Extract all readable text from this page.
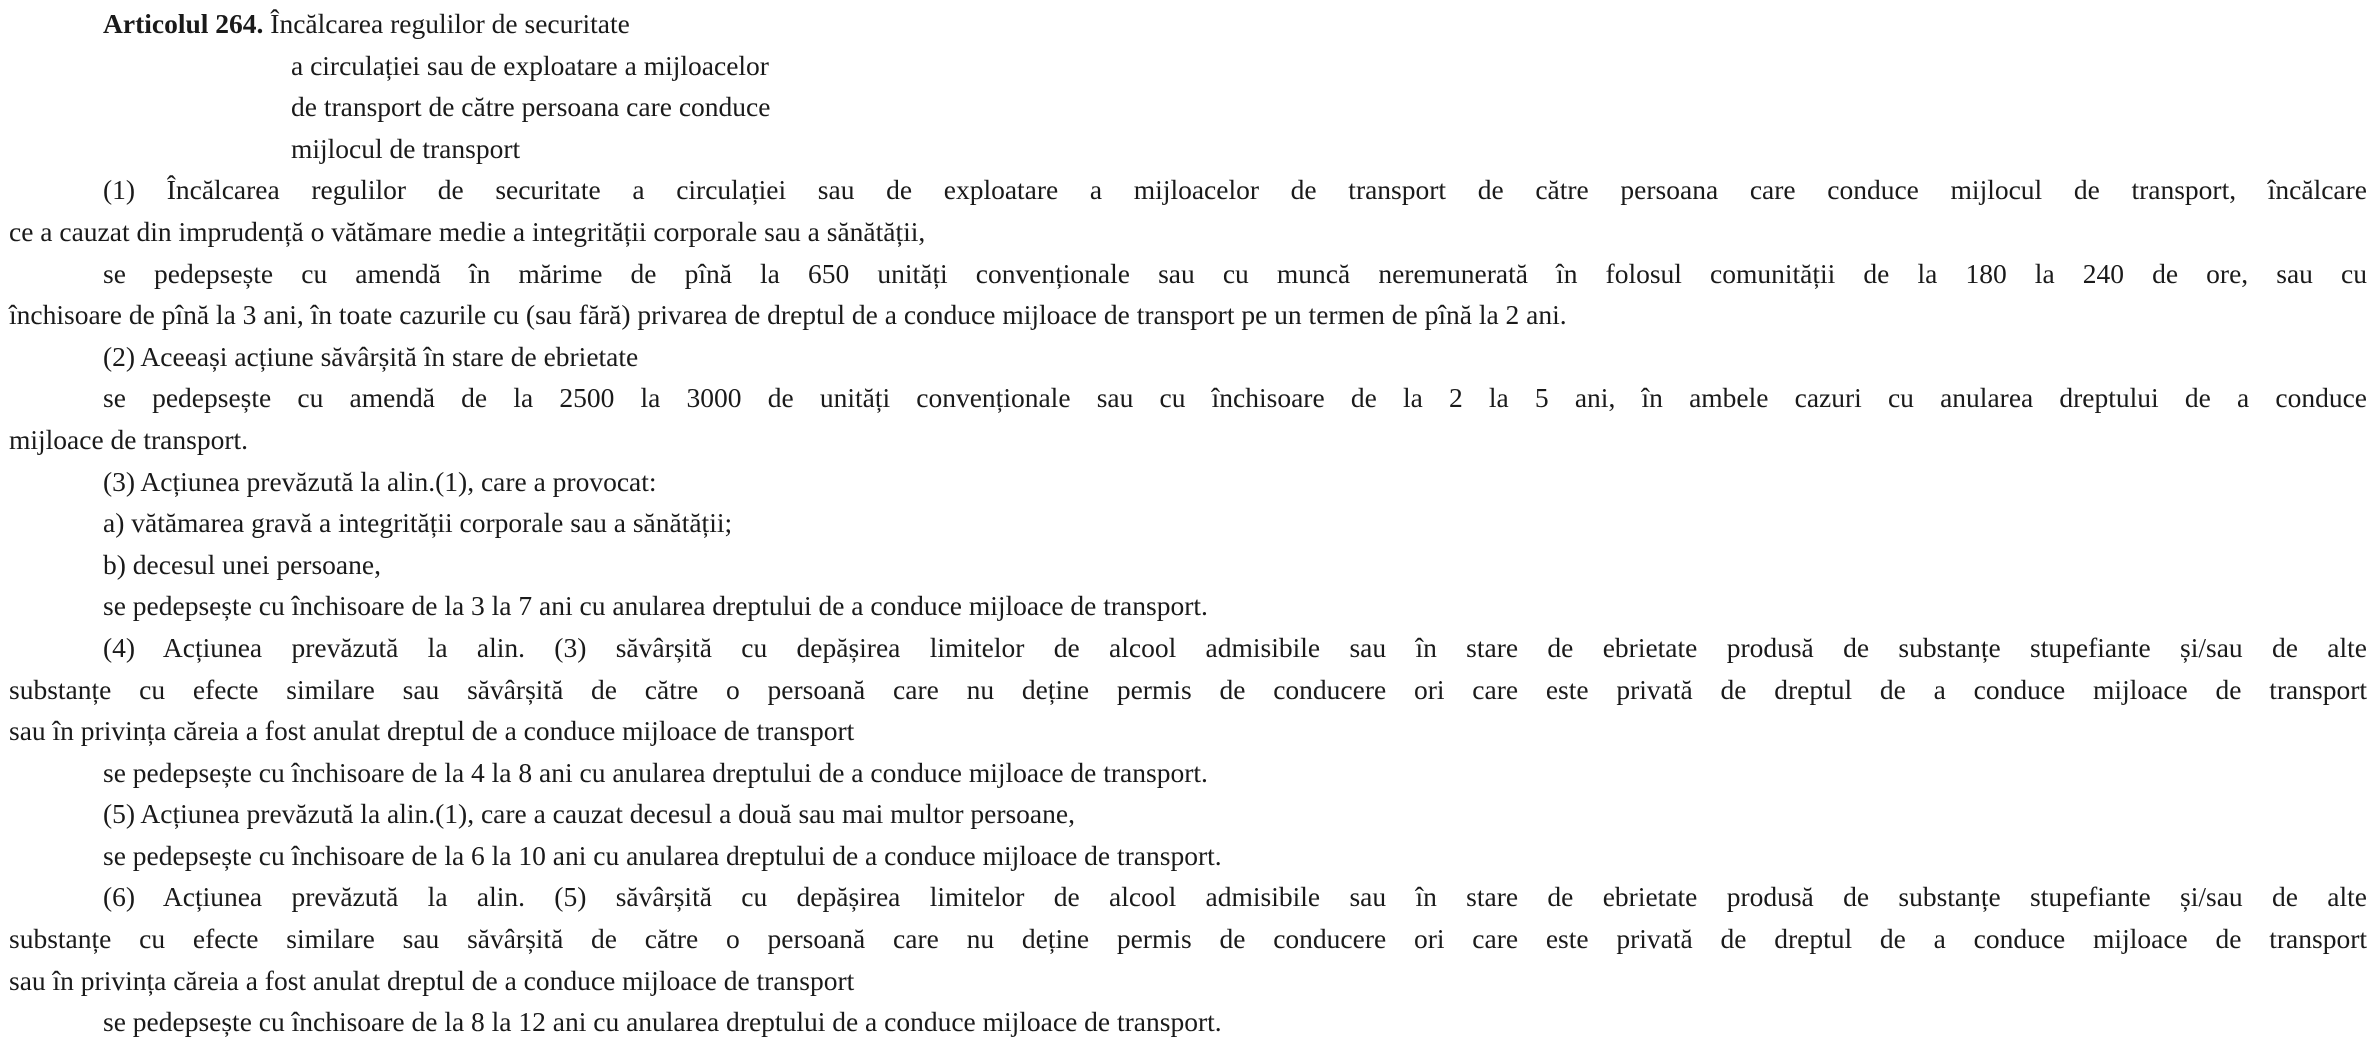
Articolul 264. Încălcarea regulilor de securitate
a circulației sau de exploatare a mijloacelor
de transport de către persoana care conduce
mijlocul de transport
(1) Încălcarea regulilor de securitate a circulației sau de exploatare a mijloacelor de transport de către persoana care conduce mijlocul de transport, încălcare
ce a cauzat din imprudență o vătămare medie a integrității corporale sau a sănătății,
se pedepsește cu amendă în mărime de pînă la 650 unități convenționale sau cu muncă neremunerată în folosul comunității de la 180 la 240 de ore, sau cu
închisoare de pînă la 3 ani, în toate cazurile cu (sau fără) privarea de dreptul de a conduce mijloace de transport pe un termen de pînă la 2 ani.
(2) Aceeași acțiune săvârșită în stare de ebrietate
se pedepsește cu amendă de la 2500 la 3000 de unități convenționale sau cu închisoare de la 2 la 5 ani, în ambele cazuri cu anularea dreptului de a conduce
mijloace de transport.
(3) Acțiunea prevăzută la alin.(1), care a provocat:
a) vătămarea gravă a integrității corporale sau a sănătății;
b) decesul unei persoane,
se pedepsește cu închisoare de la 3 la 7 ani cu anularea dreptului de a conduce mijloace de transport.
(4) Acțiunea prevăzută la alin. (3) săvârșită cu depășirea limitelor de alcool admisibile sau în stare de ebrietate produsă de substanțe stupefiante și/sau de alte
substanțe cu efecte similare sau săvârșită de către o persoană care nu deține permis de conducere ori care este privată de dreptul de a conduce mijloace de transport
sau în privința căreia a fost anulat dreptul de a conduce mijloace de transport
se pedepsește cu închisoare de la 4 la 8 ani cu anularea dreptului de a conduce mijloace de transport.
(5) Acțiunea prevăzută la alin.(1), care a cauzat decesul a două sau mai multor persoane,
se pedepsește cu închisoare de la 6 la 10 ani cu anularea dreptului de a conduce mijloace de transport.
(6) Acțiunea prevăzută la alin. (5) săvârșită cu depășirea limitelor de alcool admisibile sau în stare de ebrietate produsă de substanțe stupefiante și/sau de alte
substanțe cu efecte similare sau săvârșită de către o persoană care nu deține permis de conducere ori care este privată de dreptul de a conduce mijloace de transport
sau în privința căreia a fost anulat dreptul de a conduce mijloace de transport
se pedepsește cu închisoare de la 8 la 12 ani cu anularea dreptului de a conduce mijloace de transport.
